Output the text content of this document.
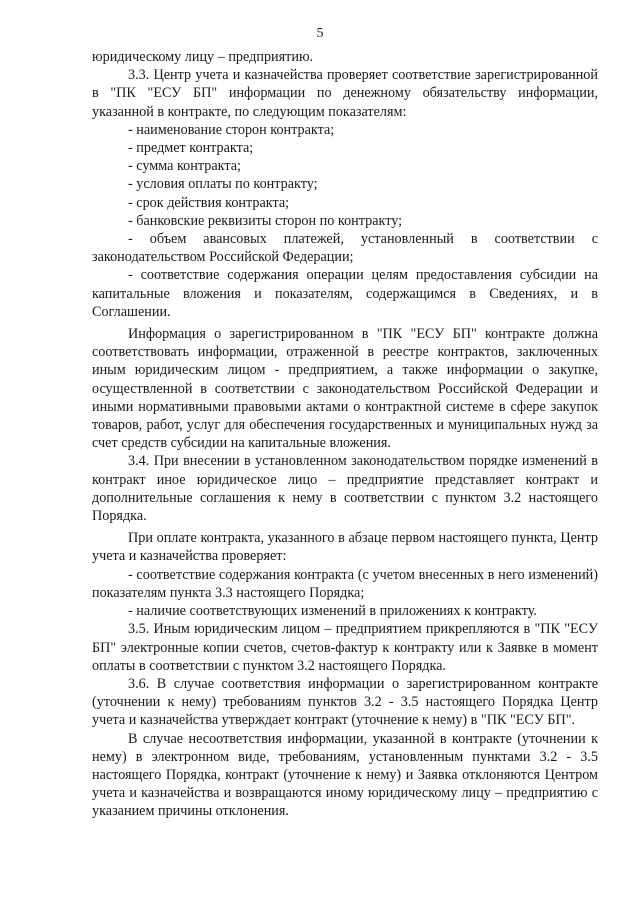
5

юридическому лицу – предприятию.

3.3. Центр учета и казначейства проверяет соответствие зарегистрированной в "ПК "ЕСУ БП" информации по денежному обязательству информации, указанной в контракте, по следующим показателям:

- наименование сторон контракта;

- предмет контракта;

- сумма контракта;

- условия оплаты по контракту;

- срок действия контракта;

- банковские реквизиты сторон по контракту;

- объем авансовых платежей, установленный в соответствии с законодательством Российской Федерации;

- соответствие содержания операции целям предоставления субсидии на капитальные вложения и показателям, содержащимся в Сведениях, и в Соглашении.

Информация о зарегистрированном в "ПК "ЕСУ БП" контракте должна соответствовать информации, отраженной в реестре контрактов, заключенных иным юридическим лицом - предприятием, а также информации о закупке, осуществленной в соответствии с законодательством Российской Федерации и иными нормативными правовыми актами о контрактной системе в сфере закупок товаров, работ, услуг для обеспечения государственных и муниципальных нужд за счет средств субсидии на капитальные вложения.

3.4. При внесении в установленном законодательством порядке изменений в контракт иное юридическое лицо – предприятие представляет контракт и дополнительные соглашения к нему в соответствии с пунктом 3.2 настоящего Порядка.

При оплате контракта, указанного в абзаце первом настоящего пункта, Центр учета и казначейства проверяет:

- соответствие содержания контракта (с учетом внесенных в него изменений) показателям пункта 3.3 настоящего Порядка;

- наличие соответствующих изменений в приложениях к контракту.

3.5. Иным юридическим лицом – предприятием прикрепляются в "ПК "ЕСУ БП" электронные копии счетов, счетов-фактур к контракту или к Заявке в момент оплаты в соответствии с пунктом 3.2 настоящего Порядка.

3.6. В случае соответствия информации о зарегистрированном контракте (уточнении к нему) требованиям пунктов 3.2 - 3.5 настоящего Порядка Центр учета и казначейства утверждает контракт (уточнение к нему) в "ПК "ЕСУ БП".

В случае несоответствия информации, указанной в контракте (уточнении к нему) в электронном виде, требованиям, установленным пунктами 3.2 - 3.5 настоящего Порядка, контракт (уточнение к нему) и Заявка отклоняются Центром учета и казначейства и возвращаются иному юридическому лицу – предприятию с указанием причины отклонения.
